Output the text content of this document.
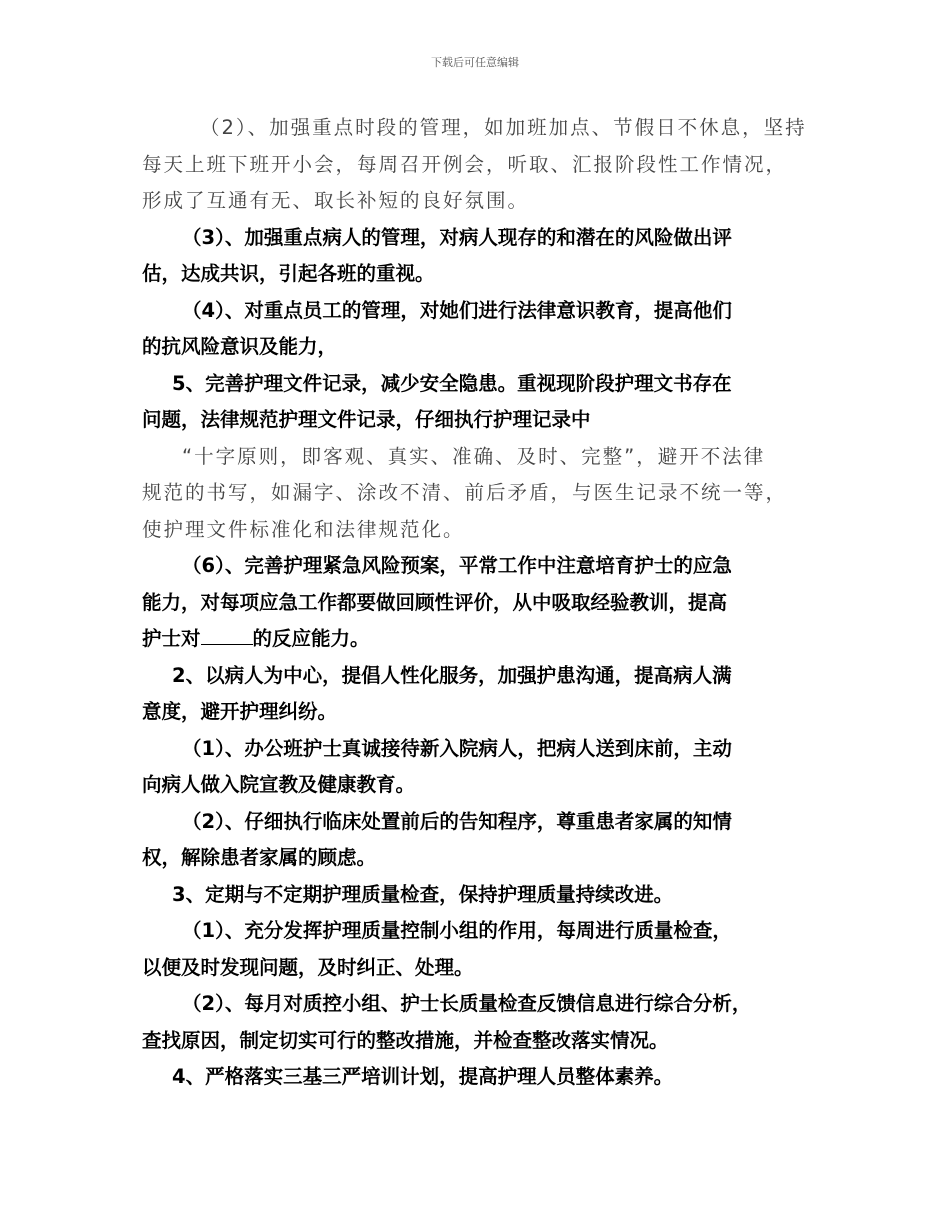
下载后可任意编辑

（2）、加强重点时段的管理，如加班加点、节假日不休息，坚持
每天上班下班开小会，每周召开例会，听取、汇报阶段性工作情况，
形成了互通有无、取长补短的良好氛围。

（3）、加强重点病人的管理，对病人现存的和潜在的风险做出评
估，达成共识，引起各班的重视。

（4）、对重点员工的管理，对她们进行法律意识教育，提高他们
的抗风险意识及能力，

5、完善护理文件记录，减少安全隐患。重视现阶段护理文书存在
问题，法律规范护理文件记录，仔细执行护理记录中

“十字原则，即客观、真实、准确、及时、完整”，避开不法律
规范的书写，如漏字、涂改不清、前后矛盾，与医生记录不统一等，
使护理文件标准化和法律规范化。

（6）、完善护理紧急风险预案，平常工作中注意培育护士的应急
能力，对每项应急工作都要做回顾性评价，从中吸取经验教训，提高
护士对	的反应能力。

2、以病人为中心，提倡人性化服务，加强护患沟通，提高病人满
意度，避开护理纠纷。

（1）、办公班护士真诚接待新入院病人，把病人送到床前，主动
向病人做入院宣教及健康教育。

（2）、仔细执行临床处置前后的告知程序，尊重患者家属的知情
权，解除患者家属的顾虑。

3、定期与不定期护理质量检查，保持护理质量持续改进。

（1）、充分发挥护理质量控制小组的作用，每周进行质量检查，
以便及时发现问题，及时纠正、处理。

（2）、每月对质控小组、护士长质量检查反馈信息进行综合分析，
查找原因，制定切实可行的整改措施，并检查整改落实情况。

4、严格落实三基三严培训计划，提高护理人员整体素养。
